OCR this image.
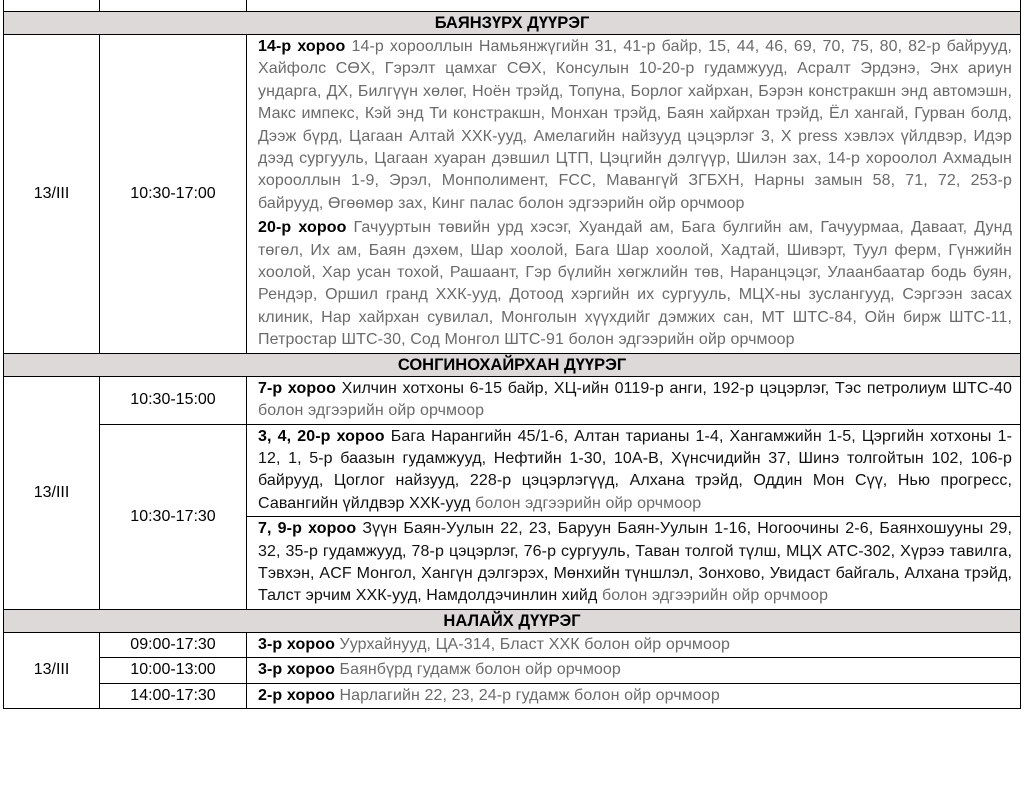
БАЯНЗҮРХ ДҮҮРЭГ		
13/III	10:30-17:00	14-р хороо 14-р хорооллын Намьянжүгийн 31, 41-р байр, 15, 44, 46, 69, 70, 75, 80, 82-р байрууд, Хайфолс СӨХ, Гэрэлт цамхаг СӨХ, Консулын 10-20-р гудамжууд, Асралт Эрдэнэ, Энх ариун ундарга, ДХ, Билгүүн хөлөг, Ноён трэйд, Топуна, Борлог хайрхан, Бэрэн констракшн энд автомэшн, Макс импекс, Кэй энд Ти констракшн, Монхан трэйд, Баян хайрхан трэйд, Ёл хангай, Гурван болд, Дээж бүрд, Цагаан Алтай ХХК-ууд, Амелагийн найзууд цэцэрлэг 3, X press хэвлэх үйлдвэр, Идэр дээд сургууль, Цагаан хуаран дэвшил ЦТП, Цэцгийн дэлгүүр, Шилэн зах, 14-р хороолол Ахмадын хорооллын 1-9, Эрэл, Монполимент, FCC, Мавангүй ЗГБХН, Нарны замын 58, 71, 72, 253-р байрууд, Өгөөмөр зах, Кинг палас болон эдгээрийн ойр орчмоор
		20-р хороо Гачууртын төвийн урд хэсэг, Хуандай ам, Бага булгийн ам, Гачуурмаа, Даваат, Дунд төгөл, Их ам, Баян дэхөм, Шар хоолой, Бага Шар хоолой, Хадтай, Шивэрт, Туул ферм, Гүнжийн хоолой, Хар усан тохой, Рашаант, Гэр бүлийн хөгжлийн төв, Наранцэцэг, Улаанбаатар бодь буян, Рендэр, Оршил гранд ХХК-ууд, Дотоод хэргийн их сургууль, МЦХ-ны зуслангууд, Сэргээн засах клиник, Нар хайрхан сувилал, Монголын хүүхдийг дэмжих сан, МТ ШТС-84, Ойн бирж ШТС-11, Петростар ШТС-30, Сод Монгол ШТС-91 болон эдгээрийн ойр орчмоор
СОНГИНОХАЙРХАН ДҮҮРЭГ		
13/III	10:30-15:00	7-р хороо Хилчин хотхоны 6-15 байр, ХЦ-ийн 0119-р анги, 192-р цэцэрлэг, Тэс петролиум ШТС-40 болон эдгээрийн ойр орчмоор
	10:30-17:30	3, 4, 20-р хороо Бага Нарангийн 45/1-6, Алтан тарианы 1-4, Хангамжийн 1-5, Цэргийн хотхоны 1-12, 1, 5-р баазын гудамжууд, Нефтийн 1-30, 10А-В, Хүнсчидийн 37, Шинэ толгойтын 102, 106-р байрууд, Цоглог найзууд, 228-р цэцэрлэгүүд, Алхана трэйд, Оддин Мон Сүү, Нью прогресс, Савангийн үйлдвэр ХХК-ууд болон эдгээрийн ойр орчмоор
		7, 9-р хороо Зүүн Баян-Уулын 22, 23, Баруун Баян-Уулын 1-16, Ногоочины 2-6, Баянхошууны 29, 32, 35-р гудамжууд, 78-р цэцэрлэг, 76-р сургууль, Таван толгой түлш, МЦХ АТС-302, Хүрээ тавилга, Тэвхэн, ACF Монгол, Хангүн дэлгэрэх, Мөнхийн түншлэл, Зонхово, Увидаст байгаль, Алхана трэйд, Талст эрчим ХХК-ууд, Намдолдэчинлин хийд болон эдгээрийн ойр орчмоор
НАЛАЙХ ДҮҮРЭГ		
13/III	09:00-17:30	3-р хороо Уурхайнууд, ЦА-314, Бласт ХХК болон ойр орчмоор
	10:00-13:00	3-р хороо Баянбүрд гудамж болон ойр орчмоор
	14:00-17:30	2-р хороо Нарлагийн 22, 23, 24-р гудамж болон ойр орчмоор
